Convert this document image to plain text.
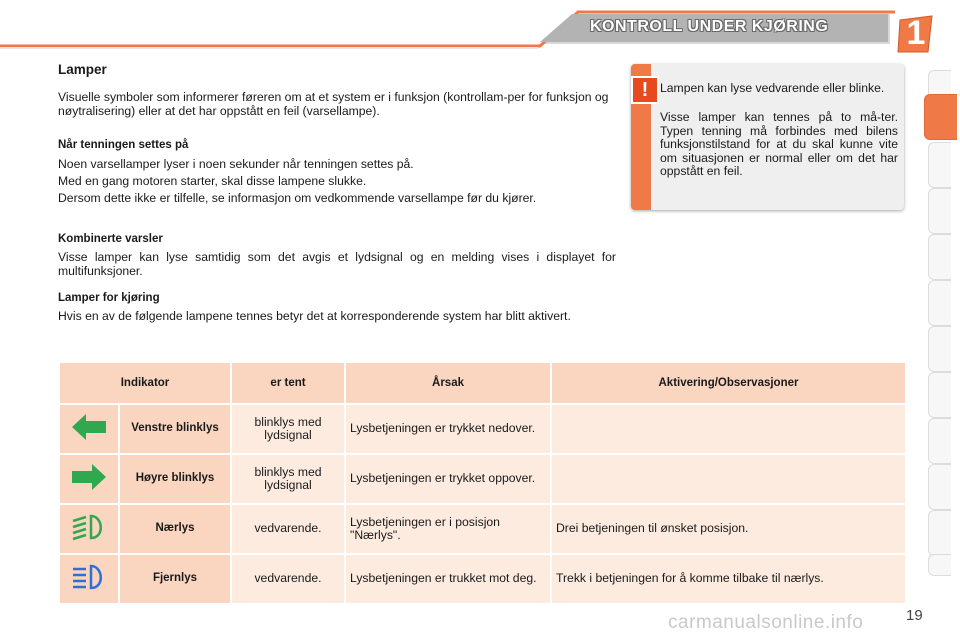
KONTROLL UNDER KJØRING	1
Lamper

Visuelle symboler som informerer føreren om at et system er i funksjon (kontrollam-per for funksjon og nøytralisering) eller at det har oppstått en feil (varsellampe).

Når tenningen settes på

Noen varsellamper lyser i noen sekunder når tenningen settes på.

Med en gang motoren starter, skal disse lampene slukke.

Dersom dette ikke er tilfelle, se informasjon om vedkommende varsellampe før du kjører.

Kombinerte varsler

Visse lamper kan lyse samtidig som det avgis et lydsignal og en melding vises i displayet for multifunksjoner.

Lamper for kjøring

Hvis en av de følgende lampene tennes betyr det at korresponderende system har blitt aktivert.

! Lampen kan lyse vedvarende eller blinke.

Visse lamper kan tennes på to må-ter. Typen tenning må forbindes med bilens funksjonstilstand for at du skal kunne vite om situasjonen er normal eller om det har oppstått en feil.

Indikator		er tent	Årsak	Aktivering/Observasjoner
	Venstre blinklys	blinklys med lydsignal	Lysbetjeningen er trykket nedover.	
	Høyre blinklys	blinklys med lydsignal	Lysbetjeningen er trykket oppover.	
	Nærlys	vedvarende.	Lysbetjeningen er i posisjon "Nærlys".	Drei betjeningen til ønsket posisjon.
	Fjernlys	vedvarende.	Lysbetjeningen er trukket mot deg.	Trekk i betjeningen for å komme tilbake til nærlys.
carmanualsonline.info	19
